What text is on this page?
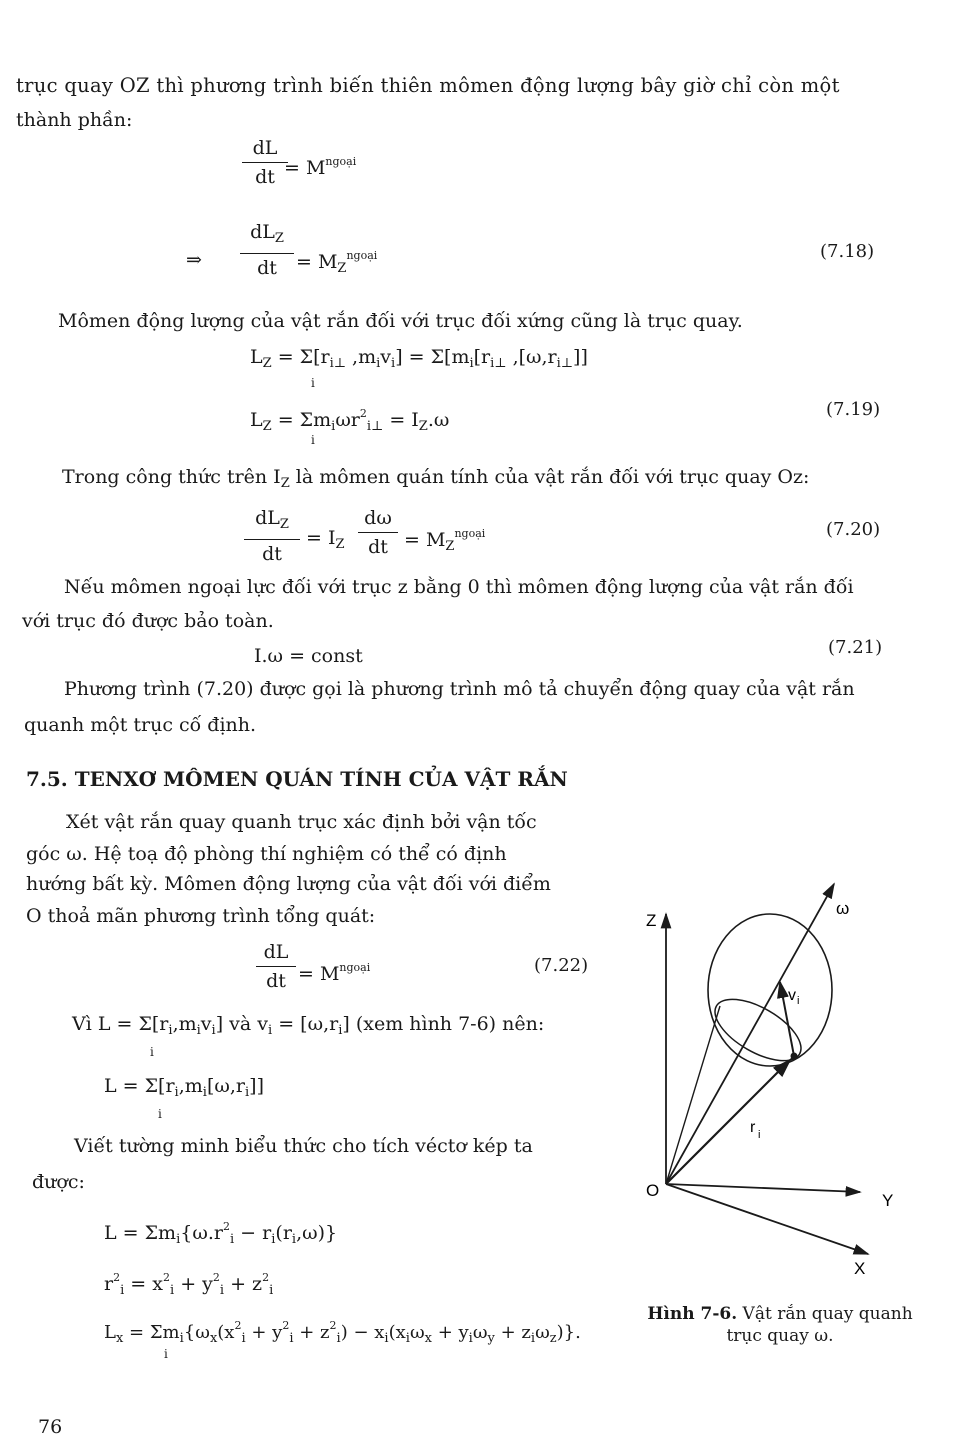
trục quay OZ thì phương trình biến thiên mômen động lượng bây giờ chỉ còn một
thành phần:
dL
dt = $M^{ngoại}$
⇒
$dL_Z$
dt	= $M_Z^{ngoại}$	(7.18)
Mômen động lượng của vật rắn đối với trục đối xứng cũng là trục quay.
$L_Z = \Sigma[r_{i\perp}$ $,m_iv_i] = \Sigma[m_i[r_{i\perp}$ $,[\omega,r_{i\perp}]$]
i
$L_Z = \Sigma m_i\omega r^2_{i\perp} = I_Z.\omega$
i
(7.19)
Trong công thức trên $I_Z$ là mômen quán tính của vật rắn đối với trục quay Oz:
$dL_Z$
dt
= $I_Z$
dω
dt = $M_Z^{ngoại}$	(7.20)
Nếu mômen ngoại lực đối với trục z bằng 0 thì mômen động lượng của vật rắn đối
với trục đó được bảo toàn.
I.ω = const	(7.21)
Phương trình (7.20) được gọi là phương trình mô tả chuyển động quay của vật rắn
quanh một trục cố định.
7.5. TENXƠ MÔMEN QUÁN TÍNH CỦA VẬT RẮN
Xét vật rắn quay quanh trục xác định bởi vận tốc
góc ω. Hệ toạ độ phòng thí nghiệm có thể có định
hướng bất kỳ. Mômen động lượng của vật đối với điểm
O thoả mãn phương trình tổng quát:
dL
dt = $M^{ngoại}$	(7.22)
Vì $L = \Sigma[r_i,m_iv_i]$ và $v_i = [\omega,r_i]$ (xem hình 7-6) nên:
i
$L = \Sigma[r_i,m_i[\omega,r_i]]$
i
Viết tường minh biểu thức cho tích véctơ kép ta
được:
$L = \Sigma m_i\{\omega.r^2_i - r_i(r_i,\omega)\}$
$r^2_i = x^2_i + y^2_i + z^2_i$
$L_x = \Sigma m_i\{\omega_x(x^2_i + y^2_i + z^2_i) - x_i(x_i\omega_x + y_i\omega_y + z_i\omega_z)\}$.
i
Z
O
Y
X
ω
v i
r i
Hình 7-6. Vật rắn quay quanh
trục quay ω.
76
